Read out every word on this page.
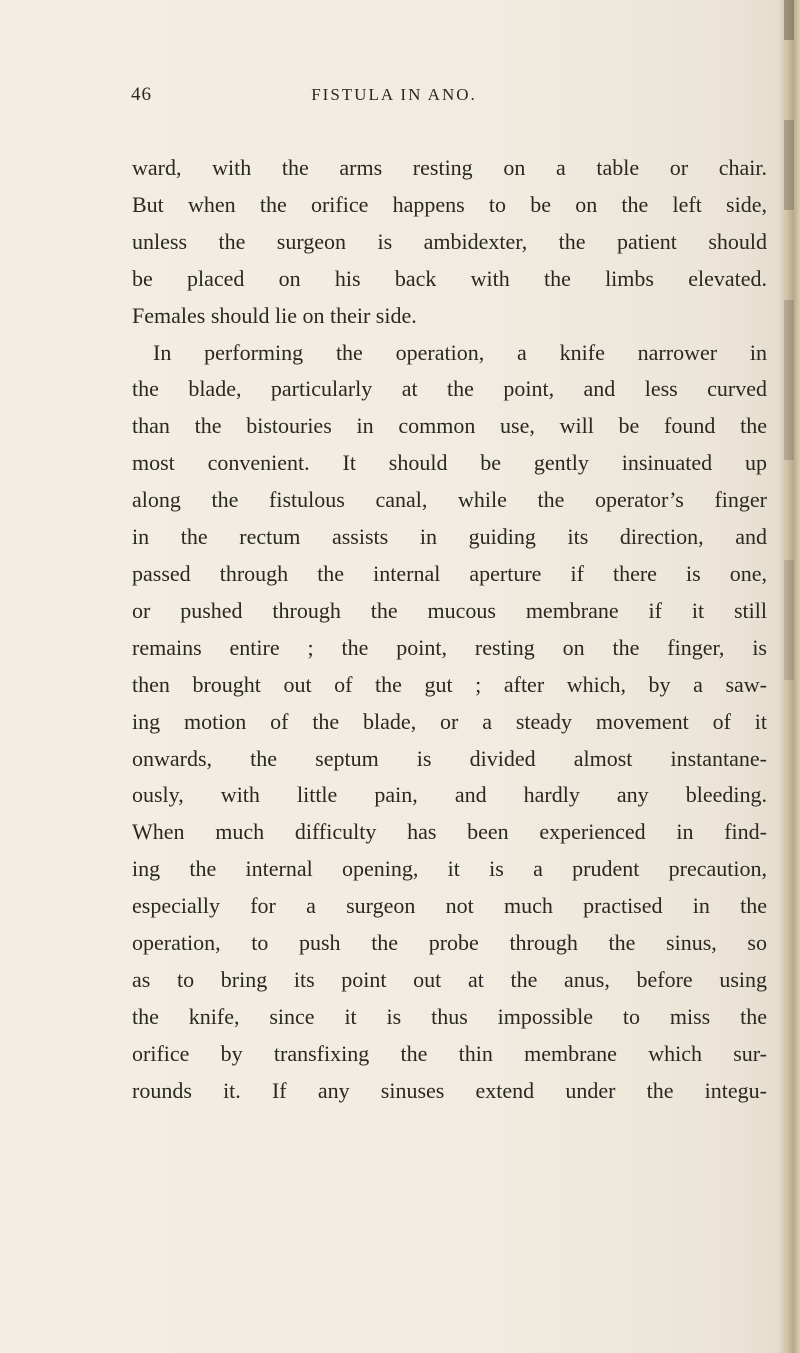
46	FISTULA IN ANO.
ward, with the arms resting on a table or chair.
But when the orifice happens to be on the left side,
unless the surgeon is ambidexter, the patient should
be placed on his back with the limbs elevated.
Females should lie on their side.
In performing the operation, a knife narrower in
the blade, particularly at the point, and less curved
than the bistouries in common use, will be found the
most convenient. It should be gently insinuated up
along the fistulous canal, while the operator’s finger
in the rectum assists in guiding its direction, and
passed through the internal aperture if there is one,
or pushed through the mucous membrane if it still
remains entire ; the point, resting on the finger, is
then brought out of the gut ; after which, by a saw-
ing motion of the blade, or a steady movement of it
onwards, the septum is divided almost instantane-
ously, with little pain, and hardly any bleeding.
When much difficulty has been experienced in find-
ing the internal opening, it is a prudent precaution,
especially for a surgeon not much practised in the
operation, to push the probe through the sinus, so
as to bring its point out at the anus, before using
the knife, since it is thus impossible to miss the
orifice by transfixing the thin membrane which sur-
rounds it. If any sinuses extend under the integu-
